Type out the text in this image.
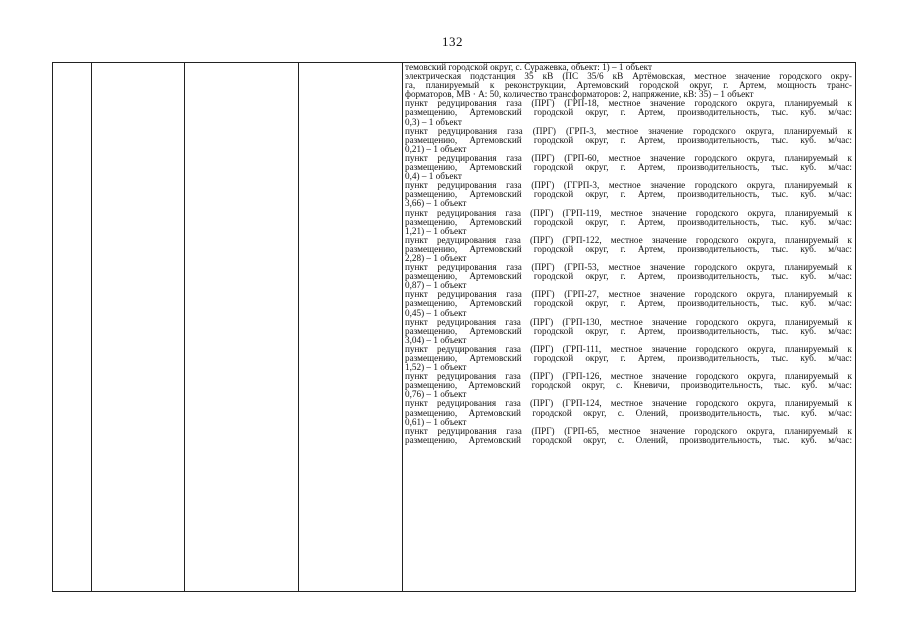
132
темовский городской округ, с. Суражевка, объект: 1) – 1 объект
электрическая подстанция 35 кВ (ПС 35/6 кВ Артёмовская, местное значение городского окру-
га, планируемый к реконструкции, Артемовский городской округ, г. Артем, мощность транс-
форматоров, МВ · А: 50, количество трансформаторов: 2, напряжение, кВ: 35) – 1 объект
пункт редуцирования газа (ПРГ) (ГРП-18, местное значение городского округа, планируемый к
размещению, Артемовский городской округ, г. Артем, производительность, тыс. куб. м/час:
0,3) – 1 объект
пункт редуцирования газа (ПРГ) (ГРП-3, местное значение городского округа, планируемый к
размещению, Артемовский городской округ, г. Артем, производительность, тыс. куб. м/час:
0,21) – 1 объект
пункт редуцирования газа (ПРГ) (ГРП-60, местное значение городского округа, планируемый к
размещению, Артемовский городской округ, г. Артем, производительность, тыс. куб. м/час:
0,4) – 1 объект
пункт редуцирования газа (ПРГ) (ГГРП-3, местное значение городского округа, планируемый к
размещению, Артемовский городской округ, г. Артем, производительность, тыс. куб. м/час:
3,66) – 1 объект
пункт редуцирования газа (ПРГ) (ГРП-119, местное значение городского округа, планируемый к
размещению, Артемовский городской округ, г. Артем, производительность, тыс. куб. м/час:
1,21) – 1 объект
пункт редуцирования газа (ПРГ) (ГРП-122, местное значение городского округа, планируемый к
размещению, Артемовский городской округ, г. Артем, производительность, тыс. куб. м/час:
2,28) – 1 объект
пункт редуцирования газа (ПРГ) (ГРП-53, местное значение городского округа, планируемый к
размещению, Артемовский городской округ, г. Артем, производительность, тыс. куб. м/час:
0,87) – 1 объект
пункт редуцирования газа (ПРГ) (ГРП-27, местное значение городского округа, планируемый к
размещению, Артемовский городской округ, г. Артем, производительность, тыс. куб. м/час:
0,45) – 1 объект
пункт редуцирования газа (ПРГ) (ГРП-130, местное значение городского округа, планируемый к
размещению, Артемовский городской округ, г. Артем, производительность, тыс. куб. м/час:
3,04) – 1 объект
пункт редуцирования газа (ПРГ) (ГРП-111, местное значение городского округа, планируемый к
размещению, Артемовский городской округ, г. Артем, производительность, тыс. куб. м/час:
1,52) – 1 объект
пункт редуцирования газа (ПРГ) (ГРП-126, местное значение городского округа, планируемый к
размещению, Артемовский городской округ, с. Кневичи, производительность, тыс. куб. м/час:
0,76) – 1 объект
пункт редуцирования газа (ПРГ) (ГРП-124, местное значение городского округа, планируемый к
размещению, Артемовский городской округ, с. Олений, производительность, тыс. куб. м/час:
0,61) – 1 объект
пункт редуцирования газа (ПРГ) (ГРП-65, местное значение городского округа, планируемый к
размещению, Артемовский городской округ, с. Олений, производительность, тыс. куб. м/час:
